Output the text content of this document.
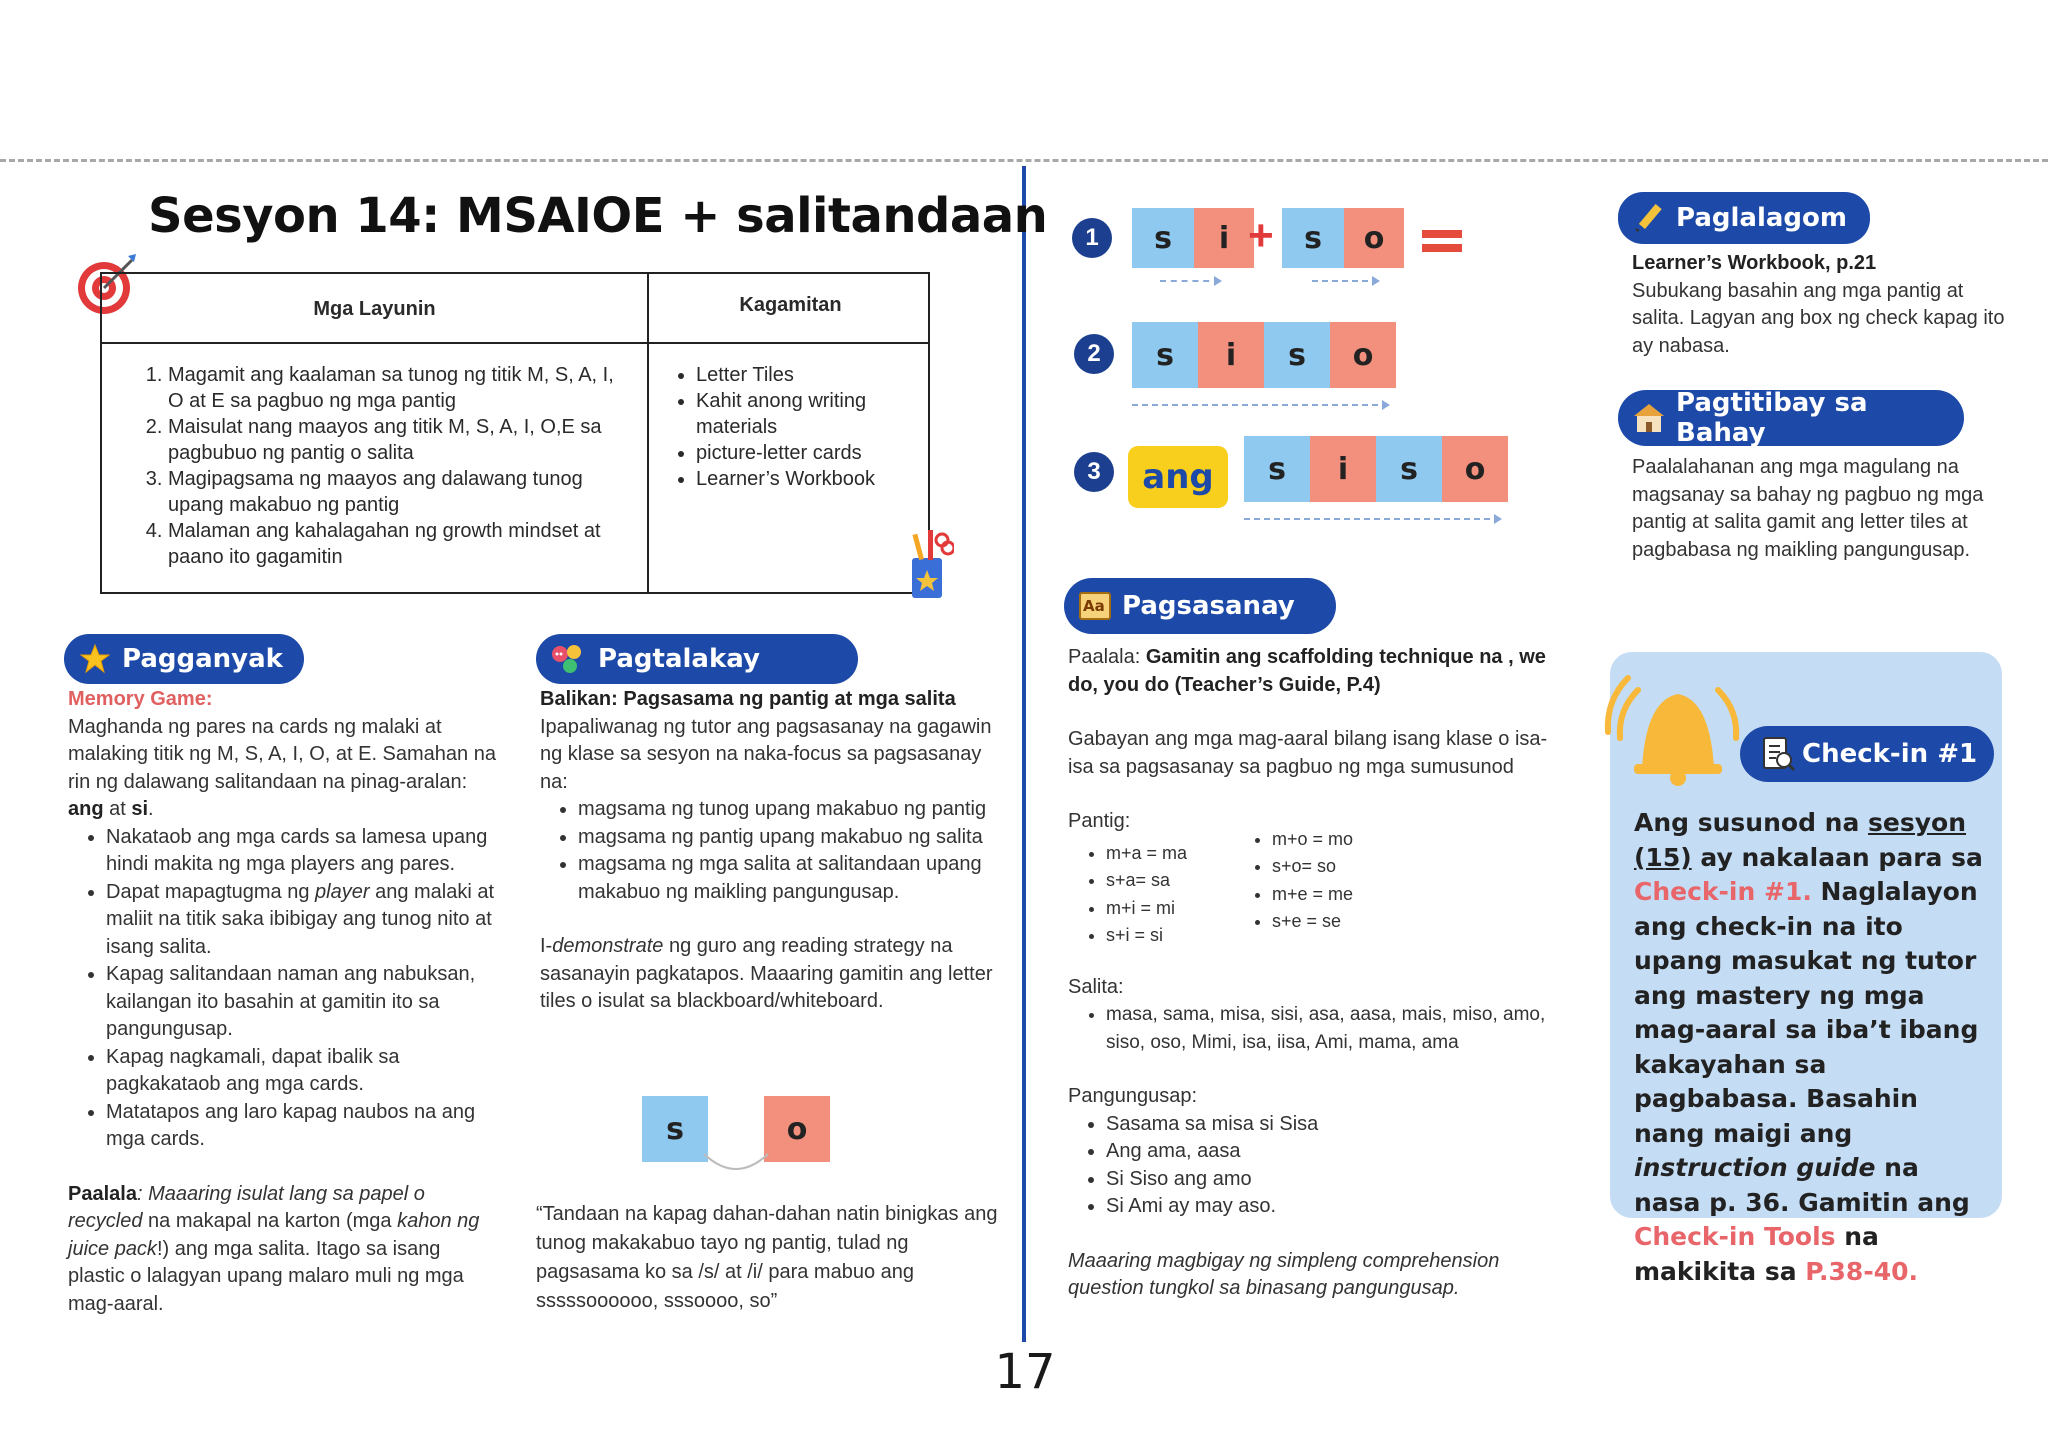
17
Sesyon 14: MSAIOE + salitandaan
Mga Layunin	Kagamitan
1. Magamit ang kaalaman sa tunog ng titik M, S, A, I, O at E sa pagbuo ng mga pantig
2. Maisulat nang maayos ang titik M, S, A, I, O,E sa pagbubuo ng pantig o salita
3. Magipagsama ng maayos ang dalawang tunog upang makabuo ng pantig
4. Malaman ang kahalagahan ng growth mindset at paano ito gagamitin
• Letter Tiles
• Kahit anong writing materials
• picture-letter cards
• Learner’s Workbook
Pagganyak
Memory Game:
Maghanda ng pares na cards ng malaki at malaking titik ng M, S, A, I, O, at E. Samahan na rin ng dalawang salitandaan na pinag-aralan: ang at si.
• Nakataob ang mga cards sa lamesa upang hindi makita ng mga players ang pares.
• Dapat mapagtugma ng player ang malaki at maliit na titik saka ibibigay ang tunog nito at isang salita.
• Kapag salitandaan naman ang nabuksan, kailangan ito basahin at gamitin ito sa pangungusap.
• Kapag nagkamali, dapat ibalik sa pagkakataob ang mga cards.
• Matatapos ang laro kapag naubos na ang mga cards.
Paalala: Maaaring isulat lang sa papel o recycled na makapal na karton (mga kahon ng juice pack!) ang mga salita. Itago sa isang plastic o lalagyan upang malaro muli ng mga mag-aaral.
Pagtalakay
Balikan: Pagsasama ng pantig at mga salita
Ipapaliwanag ng tutor ang pagsasanay na gagawin ng klase sa sesyon na naka-focus sa pagsasanay na:
• magsama ng tunog upang makabuo ng pantig
• magsama ng pantig upang makabuo ng salita
• magsama ng mga salita at salitandaan upang makabuo ng maikling pangungusap.
I-demonstrate ng guro ang reading strategy na sasanayin pagkatapos. Maaaring gamitin ang letter tiles o isulat sa blackboard/whiteboard.
s	o
“Tandaan na kapag dahan-dahan natin binigkas ang tunog makakabuo tayo ng pantig, tulad ng pagsasama ko sa /s/ at /i/ para mabuo ang sssssoooooo, sssoooo, so”
1	s	i +	s	o
2	s	i	s	o
3	ang	s	i	s	o
Aa Pagsasanay
Paalala: Gamitin ang scaffolding technique na , we do, you do (Teacher’s Guide, P.4)
Gabayan ang mga mag-aaral bilang isang klase o isa-isa sa pagsasanay sa pagbuo ng mga sumusunod
Pantig:
• m+a = ma
• s+a= sa
• m+i = mi
• s+i = si
• m+o = mo
• s+o= so
• m+e = me
• s+e = se
Salita:
• masa, sama, misa, sisi, asa, aasa, mais, miso, amo, siso, oso, Mimi, isa, iisa, Ami, mama, ama
Pangungusap:
• Sasama sa misa si Sisa
• Ang ama, aasa
• Si Siso ang amo
• Si Ami ay may aso.
Maaaring magbigay ng simpleng comprehension question tungkol sa binasang pangungusap.
Paglalagom
Learner’s Workbook, p.21
Subukang basahin ang mga pantig at salita. Lagyan ang box ng check kapag ito ay nabasa.
Pagtitibay sa Bahay
Paalalahanan ang mga magulang na magsanay sa bahay ng pagbuo ng mga pantig at salita gamit ang letter tiles at pagbabasa ng maikling pangungusap.
Check-in #1
Ang susunod na sesyon (15) ay nakalaan para sa Check-in #1. Naglalayon ang check-in na ito upang masukat ng tutor ang mastery ng mga mag-aaral sa iba’t ibang kakayahan sa pagbabasa. Basahin nang maigi ang instruction guide na nasa p. 36. Gamitin ang Check-in Tools na makikita sa P.38-40.
